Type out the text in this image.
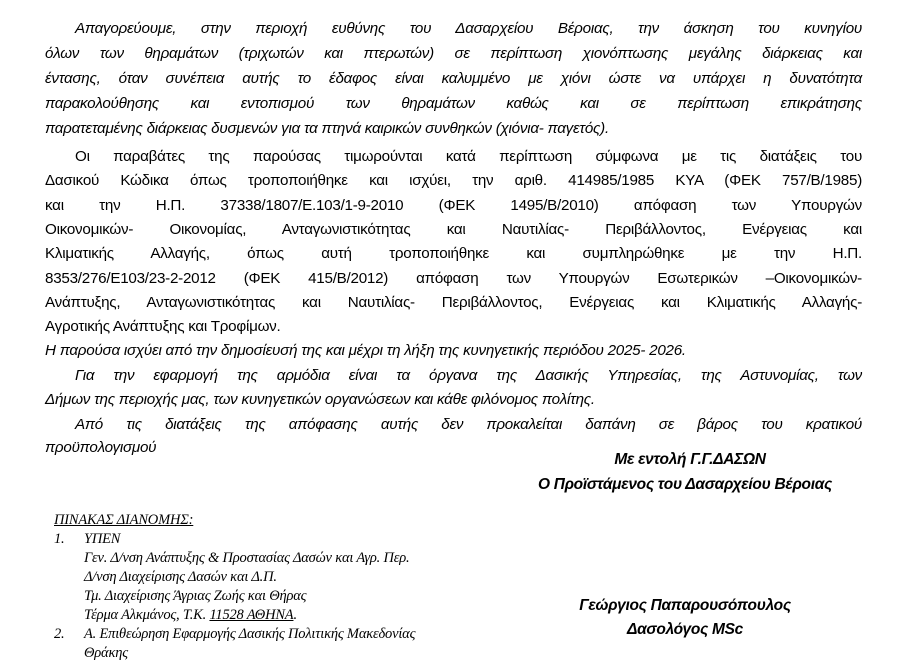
Απαγορεύουμε, στην περιοχή ευθύνης του Δασαρχείου Βέροιας, την άσκηση του κυνηγίου
όλων των θηραμάτων (τριχωτών και πτερωτών) σε περίπτωση χιονόπτωσης μεγάλης διάρκειας και
έντασης, όταν συνέπεια αυτής το έδαφος είναι καλυμμένο με χιόνι ώστε να υπάρχει η δυνατότητα
παρακολούθησης και εντοπισμού των θηραμάτων καθώς και σε περίπτωση επικράτησης
παρατεταμένης διάρκειας δυσμενών για τα πτηνά καιρικών συνθηκών (χιόνια- παγετός).
Οι παραβάτες της παρούσας τιμωρούνται κατά περίπτωση σύμφωνα με τις διατάξεις του
Δασικού Κώδικα όπως τροποποιήθηκε και ισχύει, την αριθ. 414985/1985 ΚΥΑ (ΦΕΚ 757/Β/1985)
και την Η.Π. 37338/1807/Ε.103/1-9-2010 (ΦΕΚ 1495/Β/2010) απόφαση των Υπουργών
Οικονομικών- Οικονομίας, Ανταγωνιστικότητας και Ναυτιλίας- Περιβάλλοντος, Ενέργειας και
Κλιματικής Αλλαγής, όπως αυτή τροποποιήθηκε και συμπληρώθηκε με την Η.Π.
8353/276/Ε103/23-2-2012 (ΦΕΚ 415/Β/2012) απόφαση των Υπουργών Εσωτερικών –Οικονομικών-
Ανάπτυξης, Ανταγωνιστικότητας και Ναυτιλίας- Περιβάλλοντος, Ενέργειας και Κλιματικής Αλλαγής-
Αγροτικής Ανάπτυξης και Τροφίμων.
Η παρούσα ισχύει από την δημοσίευσή της και μέχρι τη λήξη της κυνηγετικής περιόδου 2025- 2026.
Για την εφαρμογή της αρμόδια είναι τα όργανα της Δασικής Υπηρεσίας, της Αστυνομίας, των
Δήμων της περιοχής μας, των κυνηγετικών οργανώσεων και κάθε φιλόνομος πολίτης.
Από τις διατάξεις της απόφασης αυτής δεν προκαλείται δαπάνη σε βάρος του κρατικού
προϋπολογισμού
Με εντολή Γ.Γ.ΔΑΣΩΝ
Ο Προϊστάμενος του Δασαρχείου Βέροιας
Γεώργιος Παπαρουσόπουλος
Δασολόγος MSc
ΠΙΝΑΚΑΣ ΔΙΑΝΟΜΗΣ:
1. ΥΠΕΝ
Γεν. Δ/νση Ανάπτυξης & Προστασίας Δασών και Αγρ. Περ.
Δ/νση Διαχείρισης Δασών και Δ.Π.
Τμ. Διαχείρισης Άγριας Ζωής και Θήρας
Τέρμα Αλκμάνος, Τ.Κ. 11528 ΑΘΗΝΑ.
2. Α. Επιθεώρηση Εφαρμογής Δασικής Πολιτικής Μακεδονίας
Θράκης
